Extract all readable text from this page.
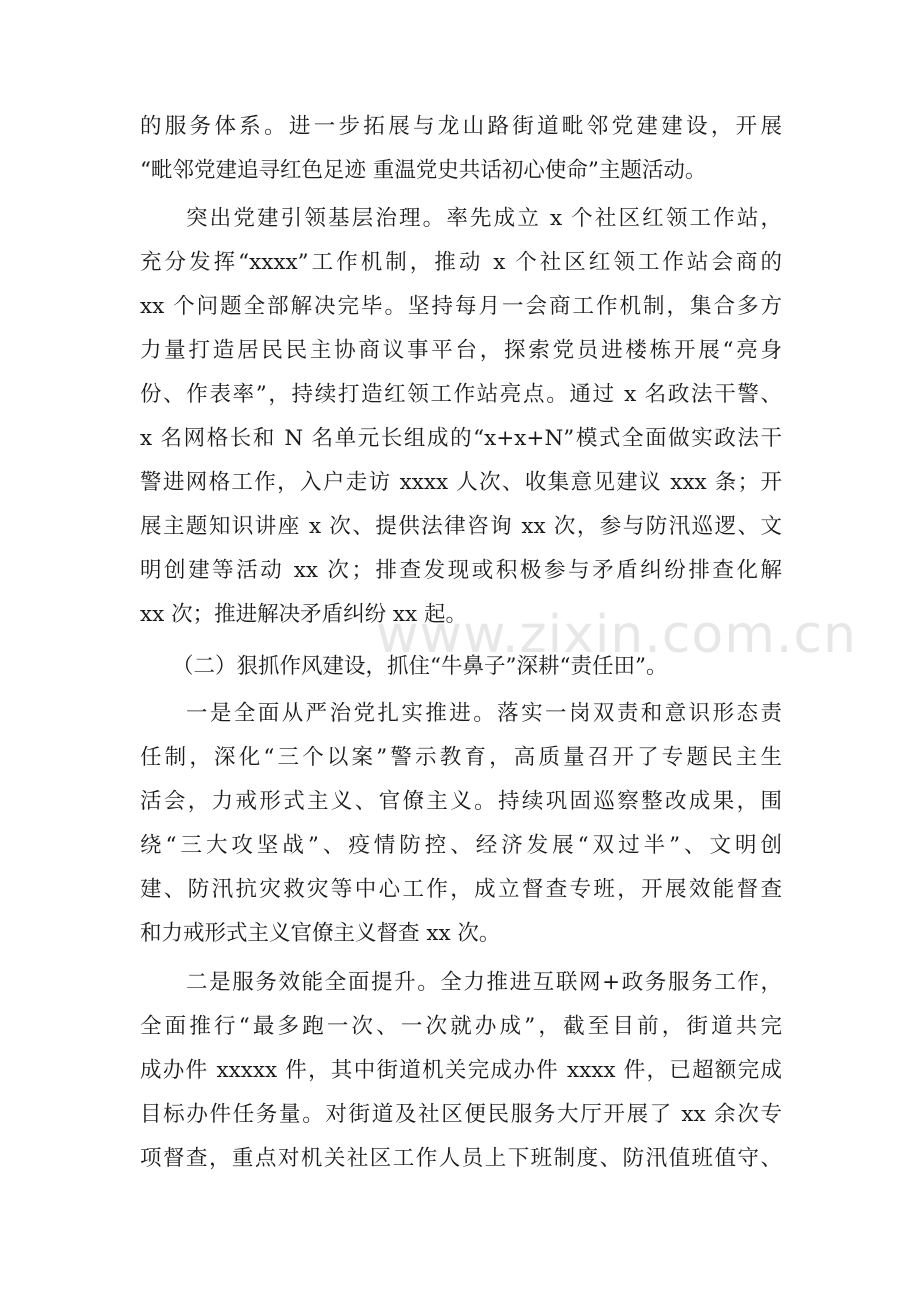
www.zixin.com.cn
的服务体系。进一步拓展与龙山路街道毗邻党建建设，开展
“毗邻党建追寻红色足迹 重温党史共话初心使命”主题活动。
突出党建引领基层治理。率先成立 x 个社区红领工作站，
充分发挥“xxxx”工作机制，推动 x 个社区红领工作站会商的
xx 个问题全部解决完毕。坚持每月一会商工作机制，集合多方
力量打造居民民主协商议事平台，探索党员进楼栋开展“亮身
份、作表率”，持续打造红领工作站亮点。通过 x 名政法干警、
x 名网格长和 N 名单元长组成的“x+x+N”模式全面做实政法干
警进网格工作，入户走访 xxxx 人次、收集意见建议 xxx 条；开
展主题知识讲座 x 次、提供法律咨询 xx 次，参与防汛巡逻、文
明创建等活动 xx 次；排查发现或积极参与矛盾纠纷排查化解
xx 次；推进解决矛盾纠纷 xx 起。
（二）狠抓作风建设，抓住“牛鼻子”深耕“责任田”。
一是全面从严治党扎实推进。落实一岗双责和意识形态责
任制，深化“三个以案”警示教育，高质量召开了专题民主生
活会，力戒形式主义、官僚主义。持续巩固巡察整改成果，围
绕“三大攻坚战”、疫情防控、经济发展“双过半”、文明创
建、防汛抗灾救灾等中心工作，成立督查专班，开展效能督查
和力戒形式主义官僚主义督查 xx 次。
二是服务效能全面提升。全力推进互联网+政务服务工作，
全面推行“最多跑一次、一次就办成”，截至目前，街道共完
成办件 xxxxx 件，其中街道机关完成办件 xxxx 件，已超额完成
目标办件任务量。对街道及社区便民服务大厅开展了 xx 余次专
项督查，重点对机关社区工作人员上下班制度、防汛值班值守、
